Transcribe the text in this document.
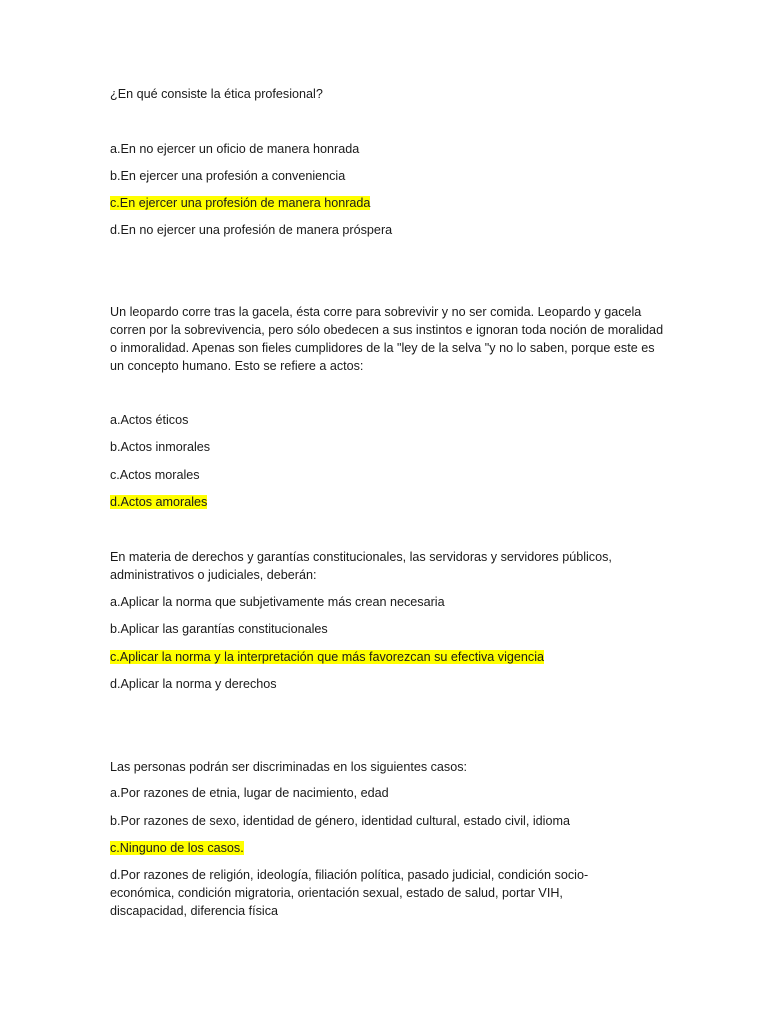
¿En qué consiste la ética profesional?

a.En no ejercer un oficio de manera honrada

b.En ejercer una profesión a conveniencia

c.En ejercer una profesión de manera honrada

d.En no ejercer una profesión de manera próspera

Un leopardo corre tras la gacela, ésta corre para sobrevivir y no ser comida. Leopardo y gacela corren por la sobrevivencia, pero sólo obedecen a sus instintos e ignoran toda noción de moralidad o inmoralidad. Apenas son fieles cumplidores de la "ley de la selva "y no lo saben, porque este es un concepto humano. Esto se refiere a actos:

a.Actos éticos

b.Actos inmorales

c.Actos morales

d.Actos amorales

En materia de derechos y garantías constitucionales, las servidoras y servidores públicos, administrativos o judiciales, deberán:

a.Aplicar la norma que subjetivamente más crean necesaria

b.Aplicar las garantías constitucionales

c.Aplicar la norma y la interpretación que más favorezcan su efectiva vigencia

d.Aplicar la norma y derechos

Las personas podrán ser discriminadas en los siguientes casos:

a.Por razones de etnia, lugar de nacimiento, edad

b.Por razones de sexo, identidad de género, identidad cultural, estado civil, idioma

c.Ninguno de los casos.

d.Por razones de religión, ideología, filiación política, pasado judicial, condición socio-económica, condición migratoria, orientación sexual, estado de salud, portar VIH, discapacidad, diferencia física
